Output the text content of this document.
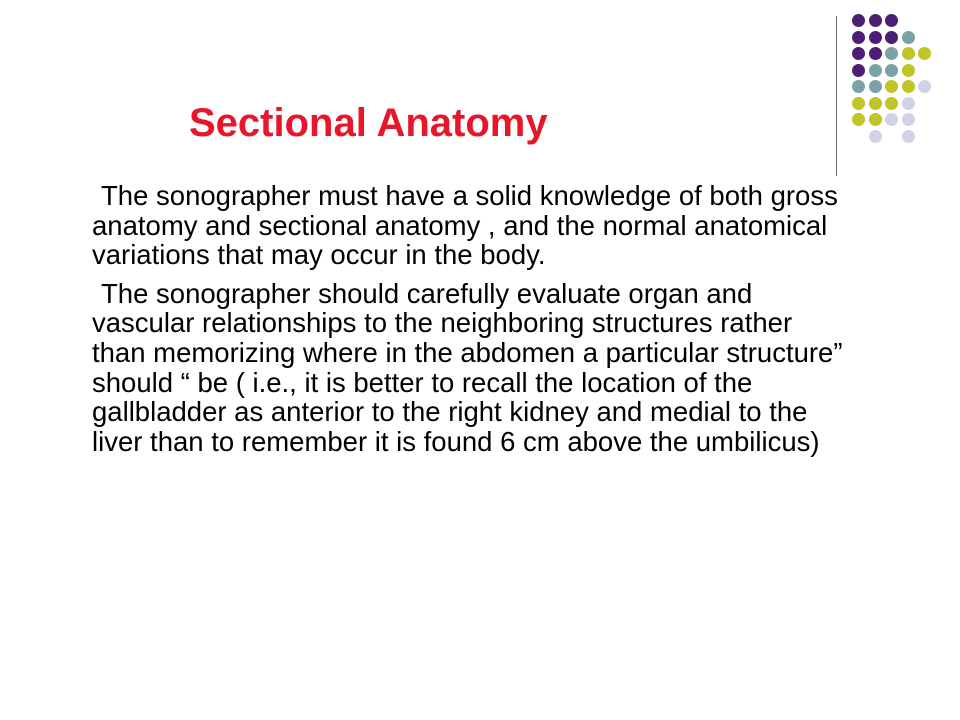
Sectional Anatomy

The sonographer must have a solid knowledge of both gross anatomy and sectional anatomy , and the normal anatomical variations that may occur in the body.

The sonographer should carefully evaluate organ and vascular relationships to the neighboring structures rather than memorizing where in the abdomen a particular structure” should “ be ( i.e., it is better to recall the location of the gallbladder as anterior to the right kidney and medial to the liver than to remember it is found 6 cm above the umbilicus)
